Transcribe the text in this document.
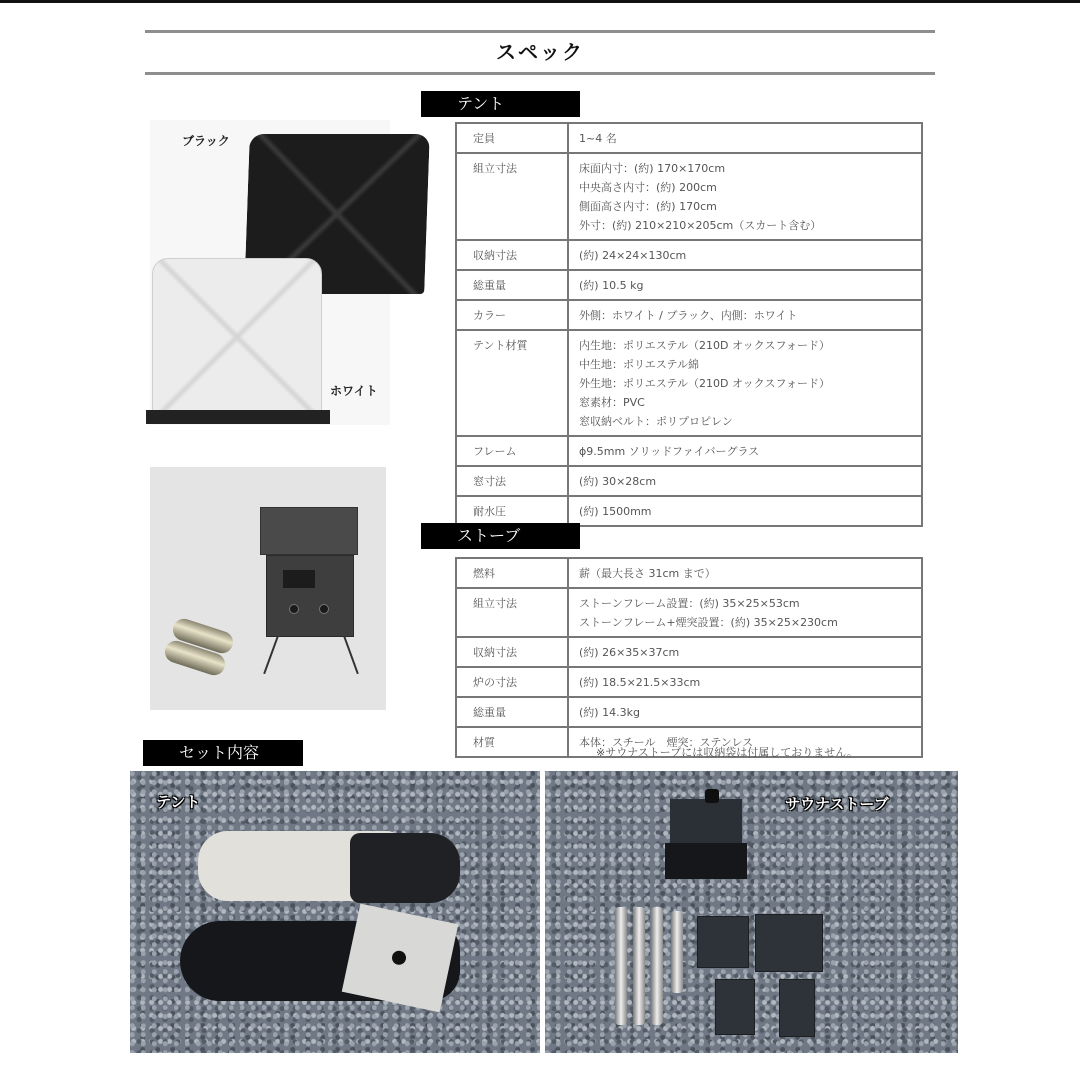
スペック
ブラック
ホワイト
テント
定員	1~4 名

組立寸法	床面内寸：(約) 170×170cm
中央高さ内寸：(約) 200cm
側面高さ内寸：(約) 170cm
外寸：(約) 210×210×205cm（スカート含む）

収納寸法	(約) 24×24×130cm

総重量	(約) 10.5 kg

カラー	外側：ホワイト / ブラック、内側：ホワイト

テント材質	内生地：ポリエステル（210D オックスフォード）
中生地：ポリエステル綿
外生地：ポリエステル（210D オックスフォード）
窓素材：PVC
窓収納ベルト：ポリプロピレン

フレーム	ϕ9.5mm ソリッドファイバーグラス

窓寸法	(約) 30×28cm

耐水圧	(約) 1500mm
ストーブ
燃料	薪（最大長さ 31cm まで）

組立寸法	ストーンフレーム設置：(約) 35×25×53cm
ストーンフレーム+煙突設置：(約) 35×25×230cm

収納寸法	(約) 26×35×37cm

炉の寸法	(約) 18.5×21.5×33cm

総重量	(約) 14.3kg

材質	本体：スチール　煙突：ステンレス
※サウナストーブには収納袋は付属しておりません。
セット内容
テント	サウナストーブ
